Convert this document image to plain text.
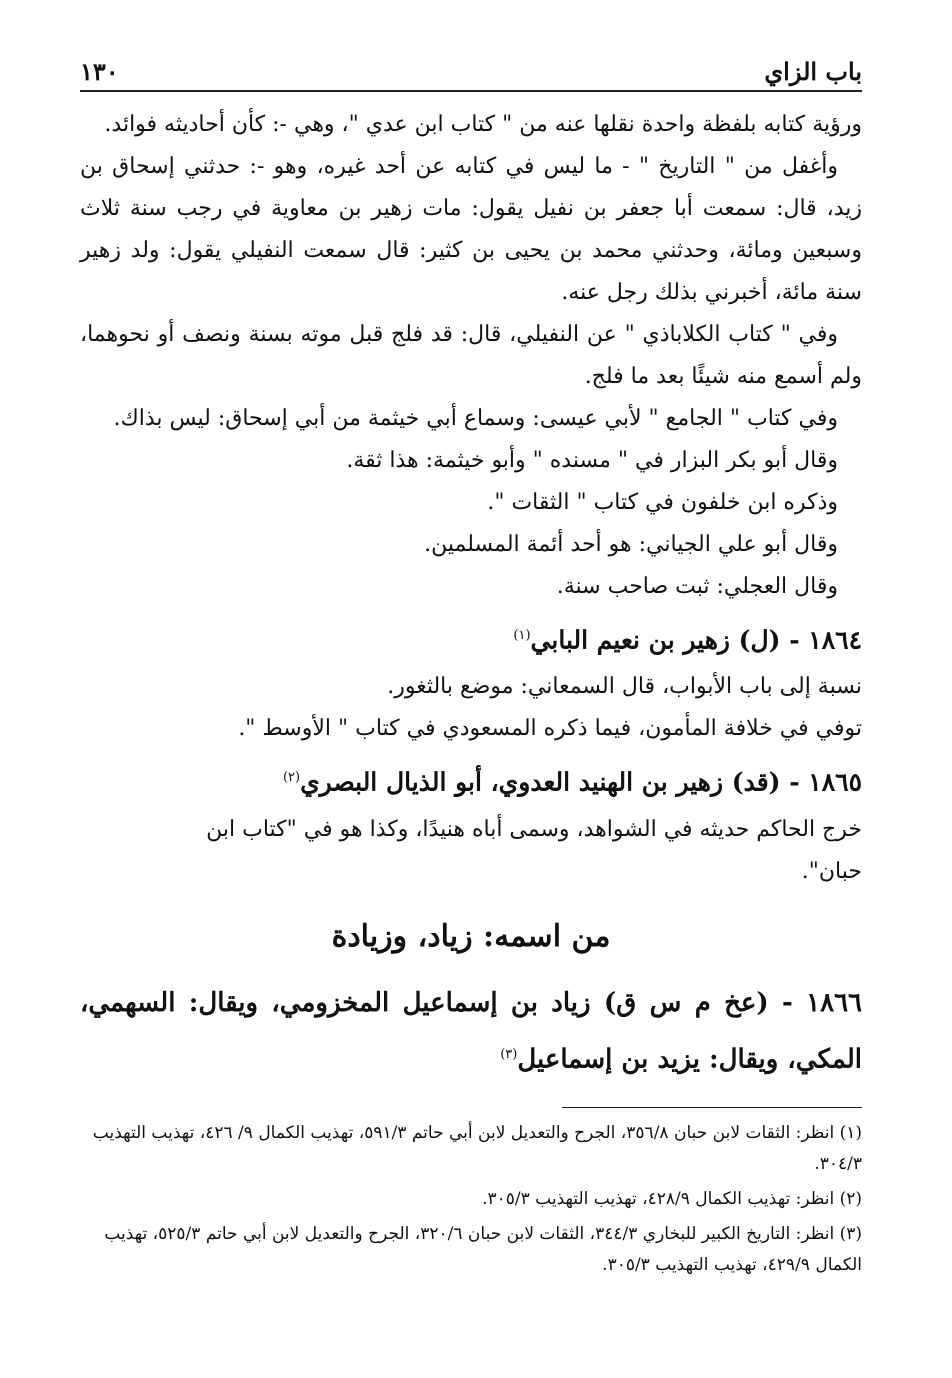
باب الزاي
١٣٠

ورؤية كتابه بلفظة واحدة نقلها عنه من " كتاب ابن عدي "، وهي -: كأن أحاديثه فوائد.

وأغفل من " التاريخ " - ما ليس في كتابه عن أحد غيره، وهو -: حدثني إسحاق بن زيد، قال: سمعت أبا جعفر بن نفيل يقول: مات زهير بن معاوية في رجب سنة ثلاث وسبعين ومائة، وحدثني محمد بن يحيى بن كثير: قال سمعت النفيلي يقول: ولد زهير سنة مائة، أخبرني بذلك رجل عنه.

وفي " كتاب الكلاباذي " عن النفيلي، قال: قد فلج قبل موته بسنة ونصف أو نحوهما، ولم أسمع منه شيئًا بعد ما فلج.

وفي كتاب " الجامع " لأبي عيسى: وسماع أبي خيثمة من أبي إسحاق: ليس بذاك.

وقال أبو بكر البزار في " مسنده " وأبو خيثمة: هذا ثقة.

وذكره ابن خلفون في كتاب " الثقات ".

وقال أبو علي الجياني: هو أحد أئمة المسلمين.

وقال العجلي: ثبت صاحب سنة.

١٨٦٤ - (ل) زهير بن نعيم البابي$^{(١)}$

نسبة إلى باب الأبواب، قال السمعاني: موضع بالثغور.

توفي في خلافة المأمون، فيما ذكره المسعودي في كتاب " الأوسط ".

١٨٦٥ - (قد) زهير بن الهنيد العدوي، أبو الذيال البصري$^{(٢)}$

خرج الحاكم حديثه في الشواهد، وسمى أباه هنيدًا، وكذا هو في "كتاب ابن

حبان".

من اسمه: زياد، وزيادة
١٨٦٦ - (عخ م س ق) زياد بن إسماعيل المخزومي، ويقال: السهمي، المكي، ويقال: يزيد بن إسماعيل$^{(٣)}$

(١) انظر: الثقات لابن حبان ٣٥٦/٨، الجرح والتعديل لابن أبي حاتم ٥٩١/٣، تهذيب الكمال ٩/ ٤٢٦، تهذيب التهذيب ٣٠٤/٣.

(٢) انظر: تهذيب الكمال ٤٢٨/٩، تهذيب التهذيب ٣٠٥/٣.

(٣) انظر: التاريخ الكبير للبخاري ٣٤٤/٣، الثقات لابن حبان ٣٢٠/٦، الجرح والتعديل لابن أبي حاتم ٥٢٥/٣، تهذيب الكمال ٤٢٩/٩، تهذيب التهذيب ٣٠٥/٣.
